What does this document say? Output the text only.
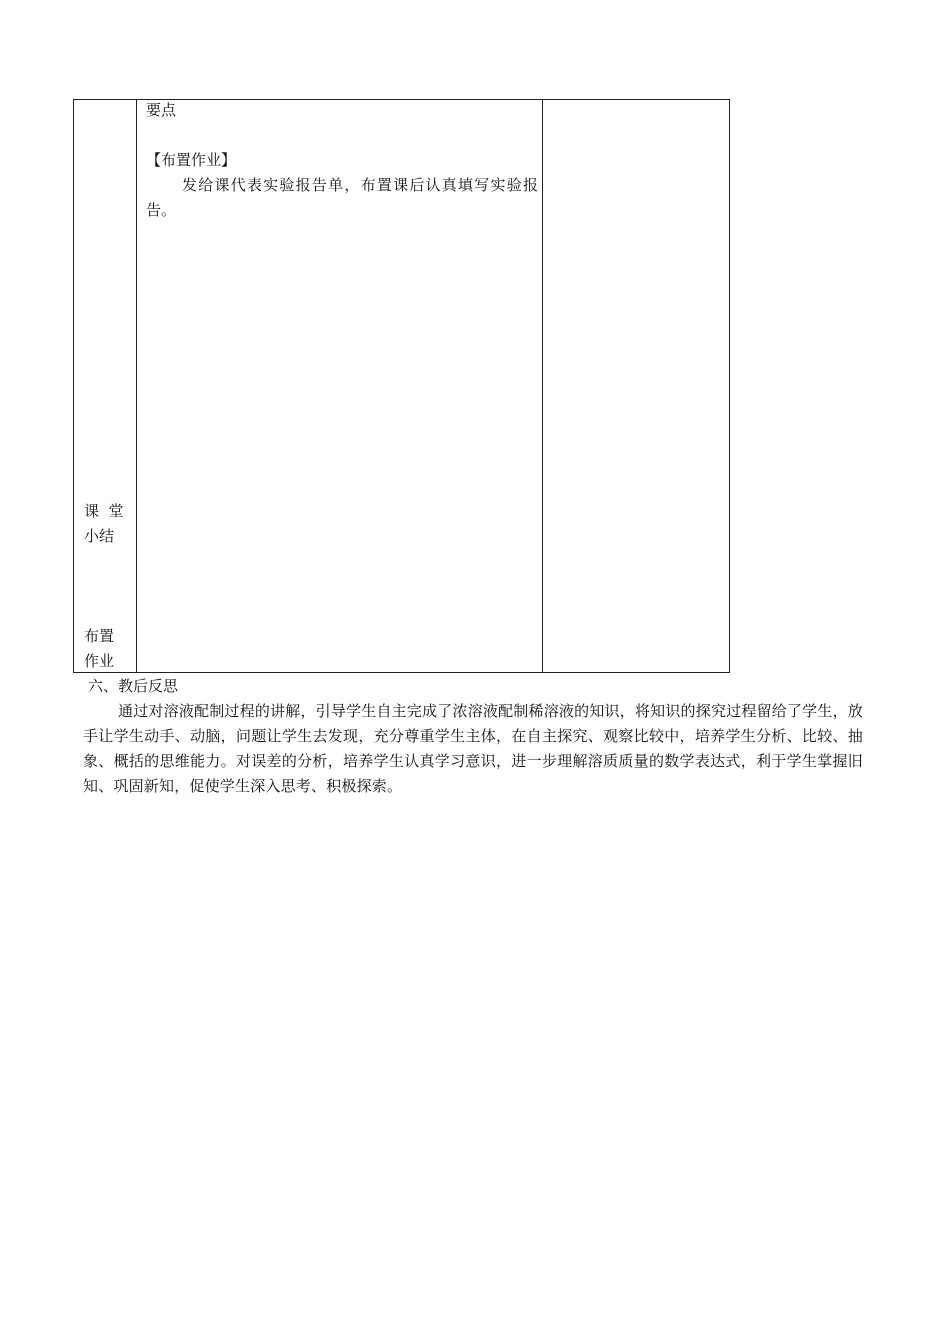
课  堂
小结
布置
作业

要点

【布置作业】

发给课代表实验报告单，布置课后认真填写实验报告。

六、教后反思

通过对溶液配制过程的讲解，引导学生自主完成了浓溶液配制稀溶液的知识，将知识的探究过程留给了学生，放手让学生动手、动脑，问题让学生去发现，充分尊重学生主体，在自主探究、观察比较中，培养学生分析、比较、抽象、概括的思维能力。对误差的分析，培养学生认真学习意识，进一步理解溶质质量的数学表达式，利于学生掌握旧知、巩固新知，促使学生深入思考、积极探索。
